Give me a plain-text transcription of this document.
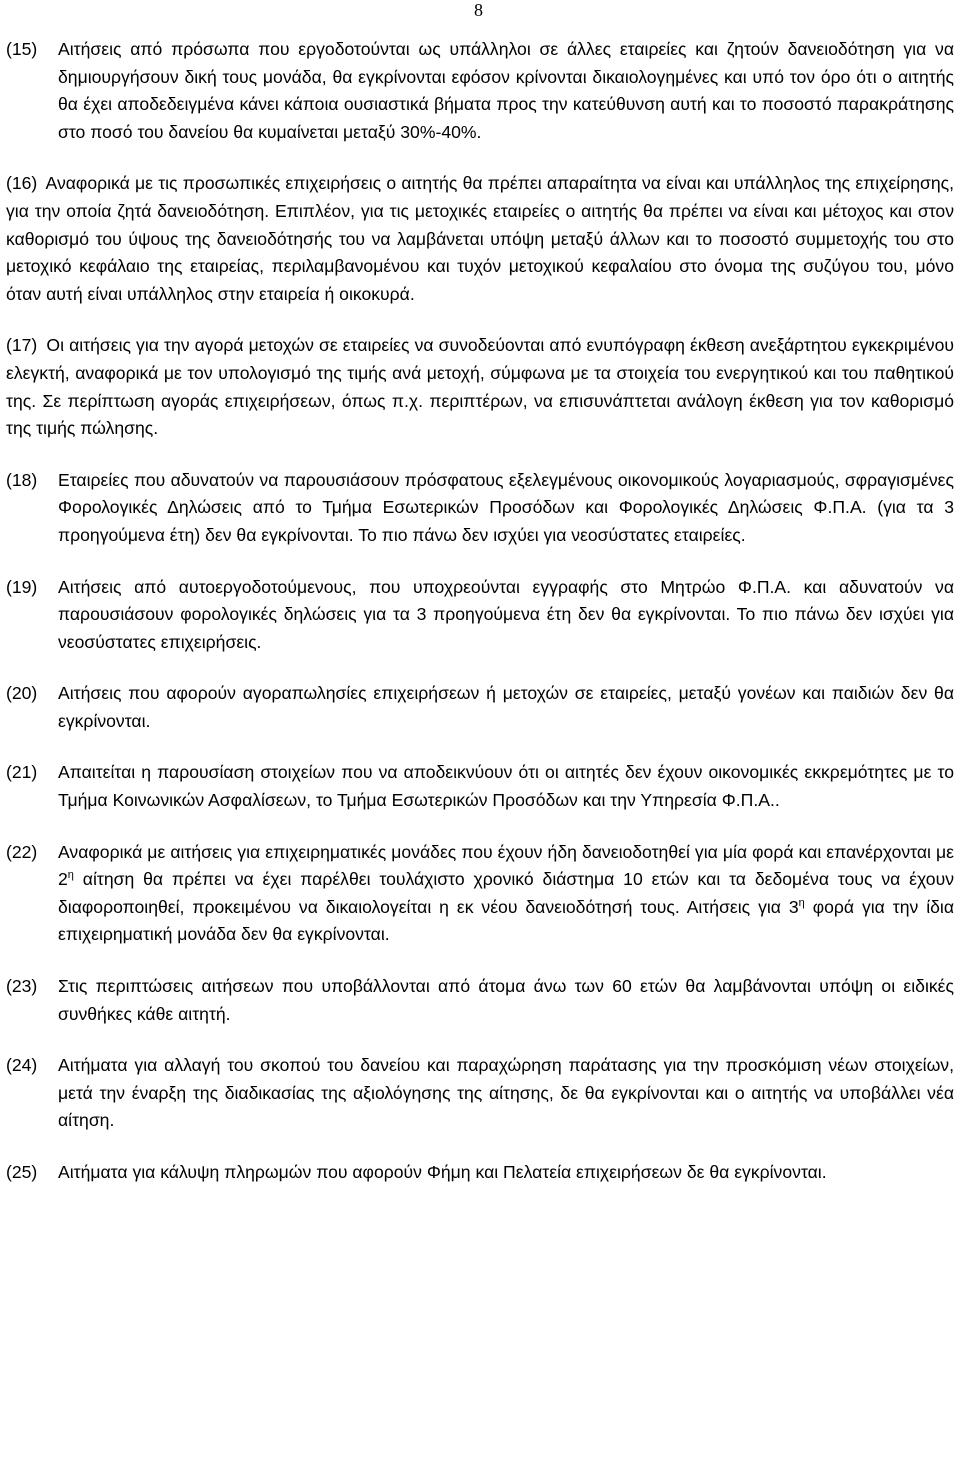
8
(15) Αιτήσεις από πρόσωπα που εργοδοτούνται ως υπάλληλοι σε άλλες εταιρείες και ζητούν δανειοδότηση για να δημιουργήσουν δική τους μονάδα, θα εγκρίνονται εφόσον κρίνονται δικαιολογημένες και υπό τον όρο ότι ο αιτητής θα έχει αποδεδειγμένα κάνει κάποια ουσιαστικά βήματα προς την κατεύθυνση αυτή και το ποσοστό παρακράτησης στο ποσό του δανείου θα κυμαίνεται μεταξύ 30%-40%.
(16) Αναφορικά με τις προσωπικές επιχειρήσεις ο αιτητής θα πρέπει απαραίτητα να είναι και υπάλληλος της επιχείρησης, για την οποία ζητά δανειοδότηση. Επιπλέον, για τις μετοχικές εταιρείες ο αιτητής θα πρέπει να είναι και μέτοχος και στον καθορισμό του ύψους της δανειοδότησής του να λαμβάνεται υπόψη μεταξύ άλλων και το ποσοστό συμμετοχής του στο μετοχικό κεφάλαιο της εταιρείας, περιλαμβανομένου και τυχόν μετοχικού κεφαλαίου στο όνομα της συζύγου του, μόνο όταν αυτή είναι υπάλληλος στην εταιρεία ή οικοκυρά.
(17) Οι αιτήσεις για την αγορά μετοχών σε εταιρείες να συνοδεύονται από ενυπόγραφη έκθεση ανεξάρτητου εγκεκριμένου ελεγκτή, αναφορικά με τον υπολογισμό της τιμής ανά μετοχή, σύμφωνα με τα στοιχεία του ενεργητικού και του παθητικού της. Σε περίπτωση αγοράς επιχειρήσεων, όπως π.χ. περιπτέρων, να επισυνάπτεται ανάλογη έκθεση για τον καθορισμό της τιμής πώλησης.
(18) Εταιρείες που αδυνατούν να παρουσιάσουν πρόσφατους εξελεγμένους οικονομικούς λογαριασμούς, σφραγισμένες Φορολογικές Δηλώσεις από το Τμήμα Εσωτερικών Προσόδων και Φορολογικές Δηλώσεις Φ.Π.Α. (για τα 3 προηγούμενα έτη) δεν θα εγκρίνονται. Το πιο πάνω δεν ισχύει για νεοσύστατες εταιρείες.
(19) Αιτήσεις από αυτοεργοδοτούμενους, που υποχρεούνται εγγραφής στο Μητρώο Φ.Π.Α. και αδυνατούν να παρουσιάσουν φορολογικές δηλώσεις για τα 3 προηγούμενα έτη δεν θα εγκρίνονται. Το πιο πάνω δεν ισχύει για νεοσύστατες επιχειρήσεις.
(20) Αιτήσεις που αφορούν αγοραπωλησίες επιχειρήσεων ή μετοχών σε εταιρείες, μεταξύ γονέων και παιδιών δεν θα εγκρίνονται.
(21) Απαιτείται η παρουσίαση στοιχείων που να αποδεικνύουν ότι οι αιτητές δεν έχουν οικονομικές εκκρεμότητες με το Τμήμα Κοινωνικών Ασφαλίσεων, το Τμήμα Εσωτερικών Προσόδων και την Υπηρεσία Φ.Π.Α..
(22) Αναφορικά με αιτήσεις για επιχειρηματικές μονάδες που έχουν ήδη δανειοδοτηθεί για μία φορά και επανέρχονται με $2^\eta$ αίτηση θα πρέπει να έχει παρέλθει τουλάχιστο χρονικό διάστημα 10 ετών και τα δεδομένα τους να έχουν διαφοροποιηθεί, προκειμένου να δικαιολογείται η εκ νέου δανειοδότησή τους. Αιτήσεις για $3^\eta$ φορά για την ίδια επιχειρηματική μονάδα δεν θα εγκρίνονται.
(23) Στις περιπτώσεις αιτήσεων που υποβάλλονται από άτομα άνω των 60 ετών θα λαμβάνονται υπόψη οι ειδικές συνθήκες κάθε αιτητή.
(24) Αιτήματα για αλλαγή του σκοπού του δανείου και παραχώρηση παράτασης για την προσκόμιση νέων στοιχείων, μετά την έναρξη της διαδικασίας της αξιολόγησης της αίτησης, δε θα εγκρίνονται και ο αιτητής να υποβάλλει νέα αίτηση.
(25) Αιτήματα για κάλυψη πληρωμών που αφορούν Φήμη και Πελατεία επιχειρήσεων δε θα εγκρίνονται.
